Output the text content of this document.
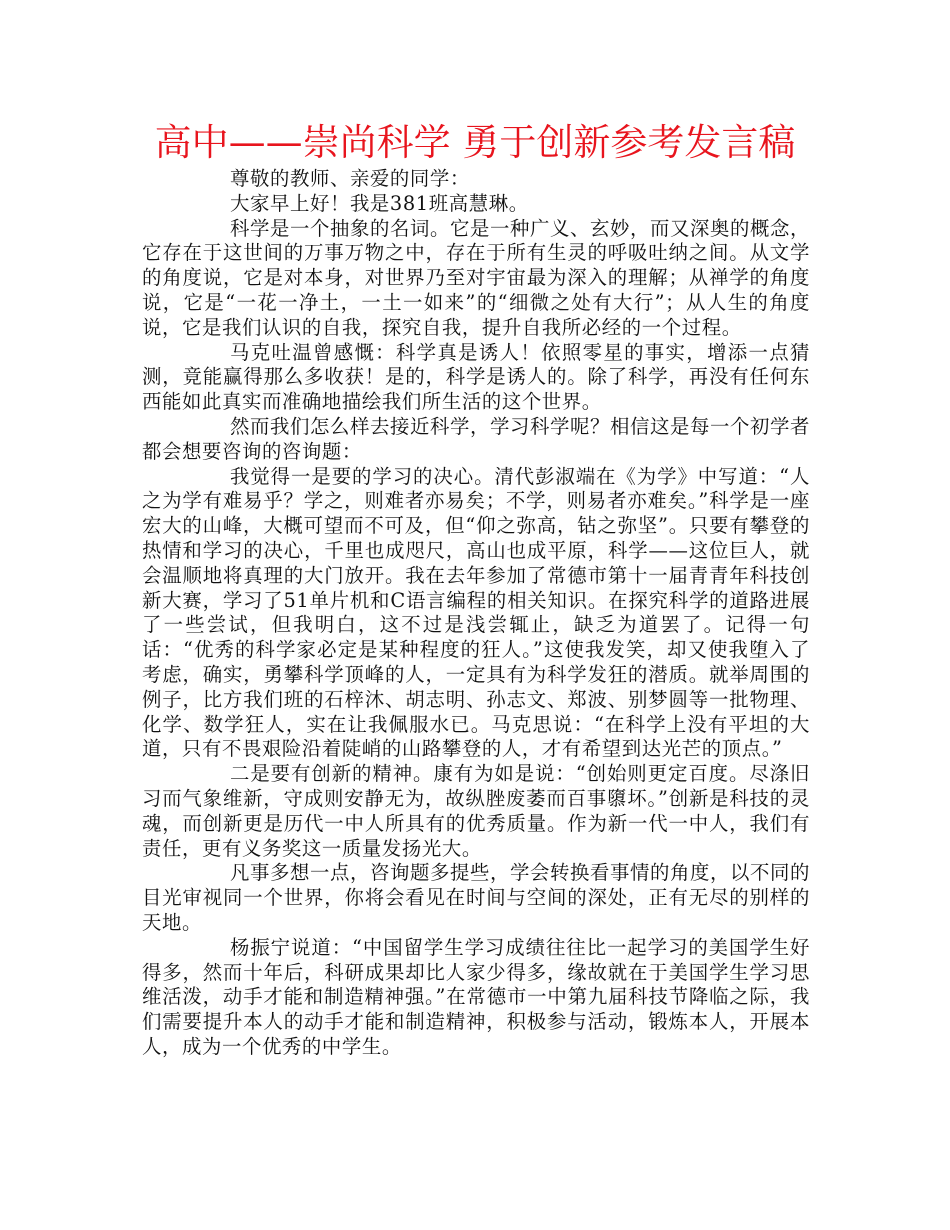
高中——崇尚科学 勇于创新参考发言稿

尊敬的教师、亲爱的同学：

大家早上好！我是381班高慧琳。

科学是一个抽象的名词。它是一种广义、玄妙，而又深奥的概念，它存在于这世间的万事万物之中，存在于所有生灵的呼吸吐纳之间。从文学的角度说，它是对本身，对世界乃至对宇宙最为深入的理解；从禅学的角度说，它是“一花一净土，一土一如来”的“细微之处有大行”；从人生的角度说，它是我们认识的自我，探究自我，提升自我所必经的一个过程。

马克吐温曾感慨：科学真是诱人！依照零星的事实，增添一点猜测，竟能赢得那么多收获！是的，科学是诱人的。除了科学，再没有任何东西能如此真实而准确地描绘我们所生活的这个世界。

然而我们怎么样去接近科学，学习科学呢？相信这是每一个初学者都会想要咨询的咨询题：

我觉得一是要的学习的决心。清代彭淑端在《为学》中写道：“人之为学有难易乎？学之，则难者亦易矣；不学，则易者亦难矣。”科学是一座宏大的山峰，大概可望而不可及，但“仰之弥高，钻之弥坚”。只要有攀登的热情和学习的决心，千里也成咫尺，高山也成平原，科学——这位巨人，就会温顺地将真理的大门放开。我在去年参加了常德市第十一届青青年科技创新大赛，学习了51单片机和C语言编程的相关知识。在探究科学的道路进展了一些尝试，但我明白，这不过是浅尝辄止，缺乏为道罢了。记得一句话：“优秀的科学家必定是某种程度的狂人。”这使我发笑，却又使我堕入了考虑，确实，勇攀科学顶峰的人，一定具有为科学发狂的潜质。就举周围的例子，比方我们班的石梓沐、胡志明、孙志文、郑波、别梦圆等一批物理、化学、数学狂人，实在让我佩服水已。马克思说：“在科学上没有平坦的大道，只有不畏艰险沿着陡峭的山路攀登的人，才有希望到达光芒的顶点。”

二是要有创新的精神。康有为如是说：“创始则更定百度。尽涤旧习而气象维新，守成则安静无为，故纵脞废萎而百事隳坏。”创新是科技的灵魂，而创新更是历代一中人所具有的优秀质量。作为新一代一中人，我们有责任，更有义务奖这一质量发扬光大。

凡事多想一点，咨询题多提些，学会转换看事情的角度，以不同的目光审视同一个世界，你将会看见在时间与空间的深处，正有无尽的别样的天地。

杨振宁说道：“中国留学生学习成绩往往比一起学习的美国学生好得多，然而十年后，科研成果却比人家少得多，缘故就在于美国学生学习思维活泼，动手才能和制造精神强。”在常德市一中第九届科技节降临之际，我们需要提升本人的动手才能和制造精神，积极参与活动，锻炼本人，开展本人，成为一个优秀的中学生。
